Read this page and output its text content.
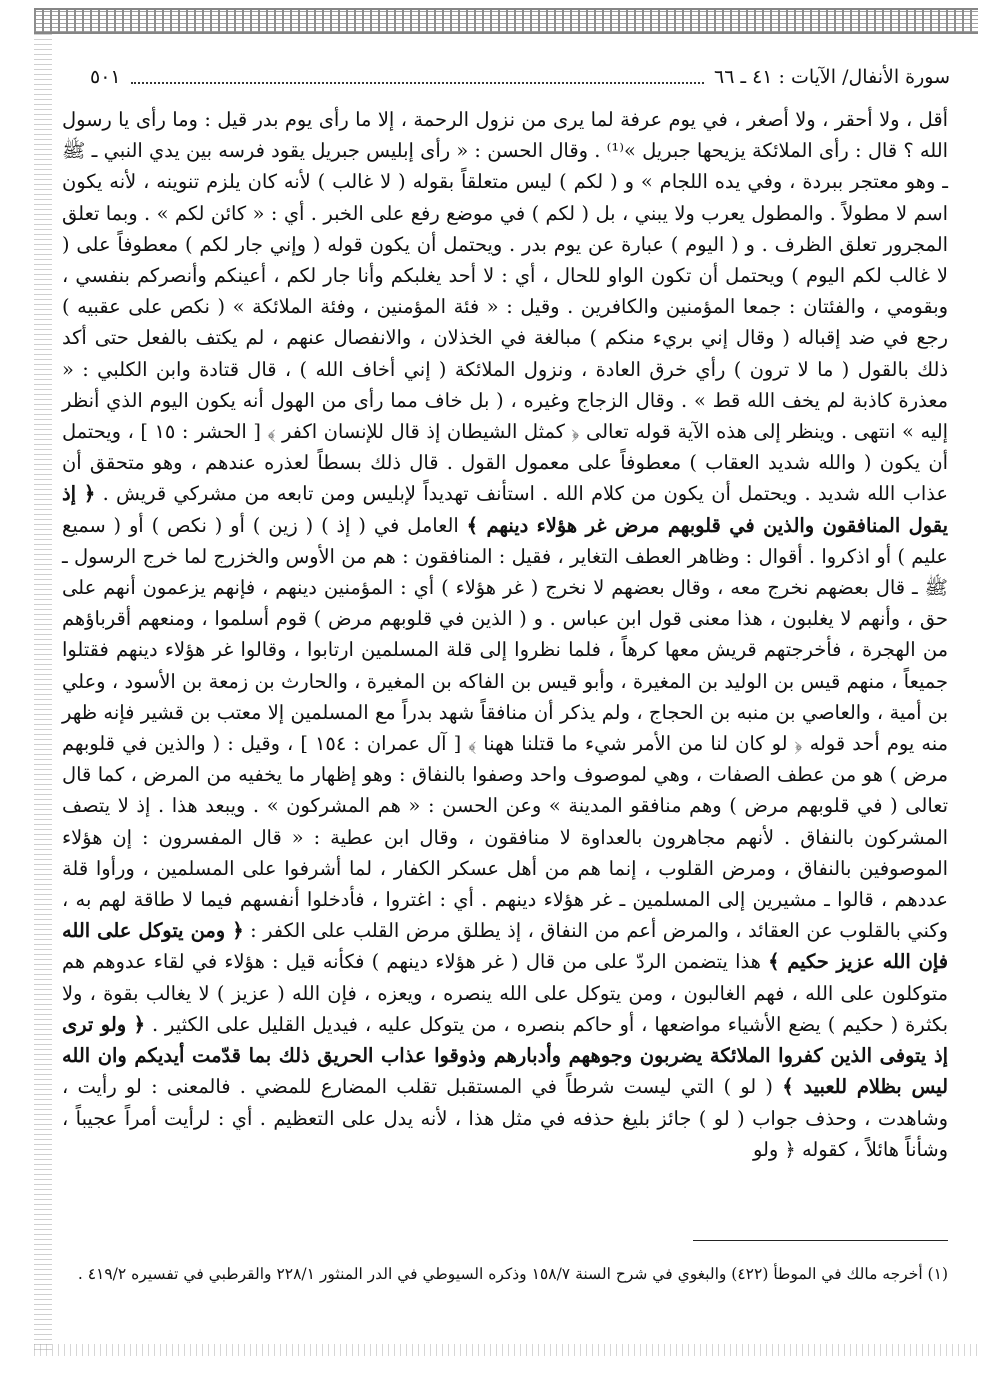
سورة الأنفال/ الآيات : ٤١ ـ ٦٦
٥٠١

أقل ، ولا أحقر ، ولا أصغر ، في يوم عرفة لما يرى من نزول الرحمة ، إلا ما رأى يوم بدر قيل : وما رأى يا رسول الله ؟ قال : رأى الملائكة يزيحها جبريل »⁽¹⁾ . وقال الحسن : « رأى إبليس جبريل يقود فرسه بين يدي النبي ـ ﷺ ـ وهو معتجر ببردة ، وفي يده اللجام » و ( لكم ) ليس متعلقاً بقوله ( لا غالب ) لأنه كان يلزم تنوينه ، لأنه يكون اسم لا مطولاً . والمطول يعرب ولا يبني ، بل ( لكم ) في موضع رفع على الخبر . أي : « كائن لكم » . وبما تعلق المجرور تعلق الظرف . و ( اليوم ) عبارة عن يوم بدر . ويحتمل أن يكون قوله ( وإني جار لكم ) معطوفاً على ( لا غالب لكم اليوم ) ويحتمل أن تكون الواو للحال ، أي : لا أحد يغلبكم وأنا جار لكم ، أعينكم وأنصركم بنفسي ، وبقومي ، والفئتان : جمعا المؤمنين والكافرين . وقيل : « فئة المؤمنين ، وفئة الملائكة » ( نكص على عقبيه ) رجع في ضد إقباله ( وقال إني بريء منكم ) مبالغة في الخذلان ، والانفصال عنهم ، لم يكتف بالفعل حتى أكد ذلك بالقول ( ما لا ترون ) رأي خرق العادة ، ونزول الملائكة ( إني أخاف الله ) ، قال قتادة وابن الكلبي : « معذرة كاذبة لم يخف الله قط » . وقال الزجاج وغيره ، ( بل خاف مما رأى من الهول أنه يكون اليوم الذي أنظر إليه » انتهى . وينظر إلى هذه الآية قوله تعالى ﴿ كمثل الشيطان إذ قال للإنسان اكفر ﴾ [ الحشر : ١٥ ] ، ويحتمل أن يكون ( والله شديد العقاب ) معطوفاً على معمول القول . قال ذلك بسطاً لعذره عندهم ، وهو متحقق أن عذاب الله شديد . ويحتمل أن يكون من كلام الله . استأنف تهديداً لإبليس ومن تابعه من مشركي قريش . ﴿ إذ يقول المنافقون والذين في قلوبهم مرض غر هؤلاء دينهم ﴾ العامل في ( إذ ) ( زين ) أو ( نكص ) أو ( سميع عليم ) أو اذكروا . أقوال : وظاهر العطف التغاير ، فقيل : المنافقون : هم من الأوس والخزرج لما خرج الرسول ـ ﷺ ـ قال بعضهم نخرج معه ، وقال بعضهم لا نخرج ( غر هؤلاء ) أي : المؤمنين دينهم ، فإنهم يزعمون أنهم على حق ، وأنهم لا يغلبون ، هذا معنى قول ابن عباس . و ( الذين في قلوبهم مرض ) قوم أسلموا ، ومنعهم أقرباؤهم من الهجرة ، فأخرجتهم قريش معها كرهاً ، فلما نظروا إلى قلة المسلمين ارتابوا ، وقالوا غر هؤلاء دينهم فقتلوا جميعاً ، منهم قيس بن الوليد بن المغيرة ، وأبو قيس بن الفاكه بن المغيرة ، والحارث بن زمعة بن الأسود ، وعلي بن أمية ، والعاصي بن منبه بن الحجاج ، ولم يذكر أن منافقاً شهد بدراً مع المسلمين إلا معتب بن قشير فإنه ظهر منه يوم أحد قوله ﴿ لو كان لنا من الأمر شيء ما قتلنا ههنا ﴾ [ آل عمران : ١٥٤ ] ، وقيل : ( والذين في قلوبهم مرض ) هو من عطف الصفات ، وهي لموصوف واحد وصفوا بالنفاق : وهو إظهار ما يخفيه من المرض ، كما قال تعالى ( في قلوبهم مرض ) وهم منافقو المدينة » وعن الحسن : « هم المشركون » . ويبعد هذا . إذ لا يتصف المشركون بالنفاق . لأنهم مجاهرون بالعداوة لا منافقون ، وقال ابن عطية : « قال المفسرون : إن هؤلاء الموصوفين بالنفاق ، ومرض القلوب ، إنما هم من أهل عسكر الكفار ، لما أشرفوا على المسلمين ، ورأوا قلة عددهم ، قالوا ـ مشيرين إلى المسلمين ـ غر هؤلاء دينهم . أي : اغتروا ، فأدخلوا أنفسهم فيما لا طاقة لهم به ، وكني بالقلوب عن العقائد ، والمرض أعم من النفاق ، إذ يطلق مرض القلب على الكفر : ﴿ ومن يتوكل على الله فإن الله عزيز حكيم ﴾ هذا يتضمن الردّ على من قال ( غر هؤلاء دينهم ) فكأنه قيل : هؤلاء في لقاء عدوهم هم متوكلون على الله ، فهم الغالبون ، ومن يتوكل على الله ينصره ، ويعزه ، فإن الله ( عزيز ) لا يغالب بقوة ، ولا بكثرة ( حكيم ) يضع الأشياء مواضعها ، أو حاكم بنصره ، من يتوكل عليه ، فيديل القليل على الكثير . ﴿ ولو ترى إذ يتوفى الذين كفروا الملائكة يضربون وجوههم وأدبارهم وذوقوا عذاب الحريق ذلك بما قدّمت أيديكم وان الله ليس بظلام للعبيد ﴾ ( لو ) التي ليست شرطاً في المستقبل تقلب المضارع للمضي . فالمعنى : لو رأيت ، وشاهدت ، وحذف جواب ( لو ) جائز بليغ حذفه في مثل هذا ، لأنه يدل على التعظيم . أي : لرأيت أمراً عجيباً ، وشأناً هائلاً ، كقوله ﴿ ولو

(١) أخرجه مالك في الموطأ (٤٢٢) والبغوي في شرح السنة ١٥٨/٧ وذكره السيوطي في الدر المنثور ٢٢٨/١ والقرطبي في تفسيره ٤١٩/٢ .
